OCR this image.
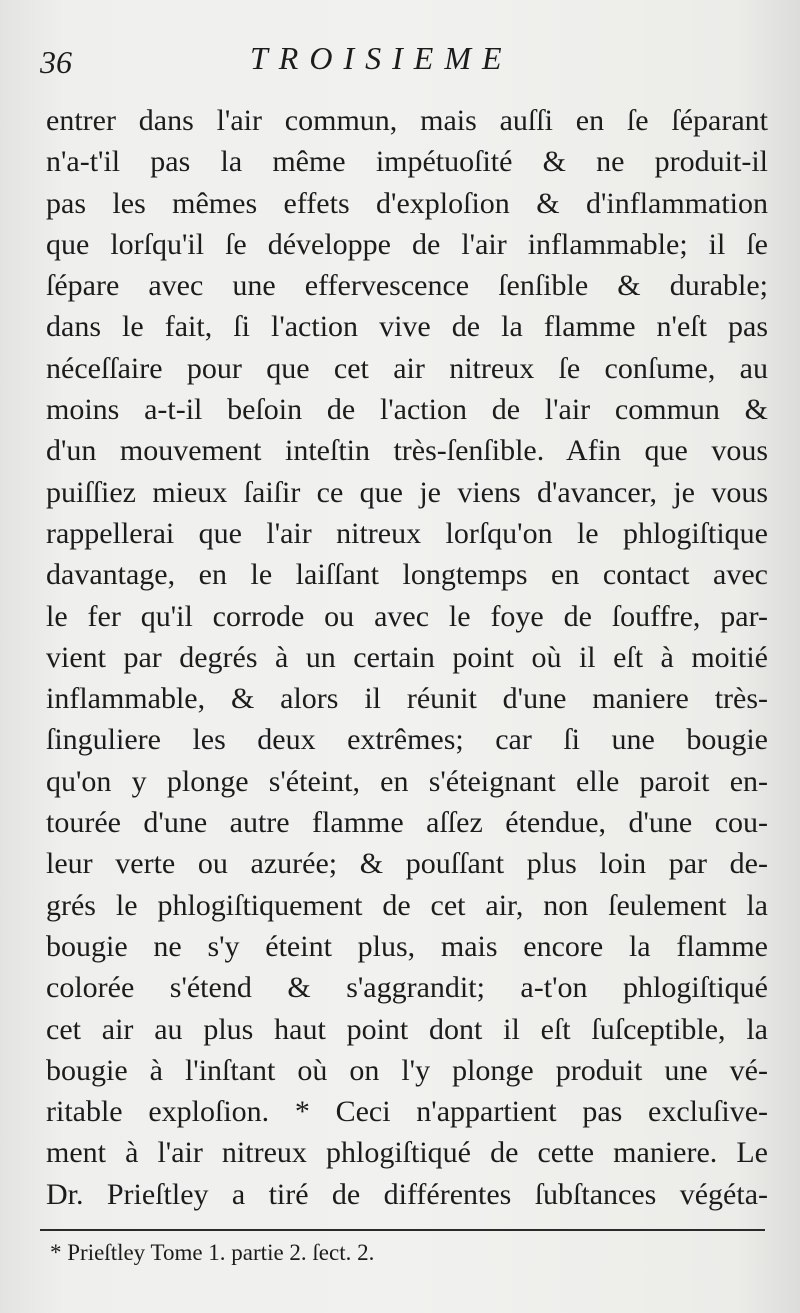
36	TROISIEME
entrer dans l'air commun, mais auſſi en ſe ſéparant
n'a-t'il pas la même impétuoſité & ne produit-il
pas les mêmes effets d'exploſion & d'inflammation
que lorſqu'il ſe développe de l'air inflammable; il ſe
ſépare avec une effervescence ſenſible & durable;
dans le fait, ſi l'action vive de la flamme n'eſt pas
néceſſaire pour que cet air nitreux ſe conſume, au
moins a-t-il beſoin de l'action de l'air commun &
d'un mouvement inteſtin très-ſenſible. Afin que vous
puiſſiez mieux ſaiſir ce que je viens d'avancer, je vous
rappellerai que l'air nitreux lorſqu'on le phlogiſtique
davantage, en le laiſſant longtemps en contact avec
le fer qu'il corrode ou avec le foye de ſouffre, par-
vient par degrés à un certain point où il eſt à moitié
inflammable, & alors il réunit d'une maniere très-
ſinguliere les deux extrêmes; car ſi une bougie
qu'on y plonge s'éteint, en s'éteignant elle paroit en-
tourée d'une autre flamme aſſez étendue, d'une cou-
leur verte ou azurée; & pouſſant plus loin par de-
grés le phlogiſtiquement de cet air, non ſeulement la
bougie ne s'y éteint plus, mais encore la flamme
colorée s'étend & s'aggrandit; a-t'on phlogiſtiqué
cet air au plus haut point dont il eſt ſuſceptible, la
bougie à l'inſtant où on l'y plonge produit une vé-
ritable exploſion. * Ceci n'appartient pas excluſive-
ment à l'air nitreux phlogiſtiqué de cette maniere. Le
Dr. Prieſtley a tiré de différentes ſubſtances végéta-
* Prieſtley Tome 1. partie 2. ſect. 2.
